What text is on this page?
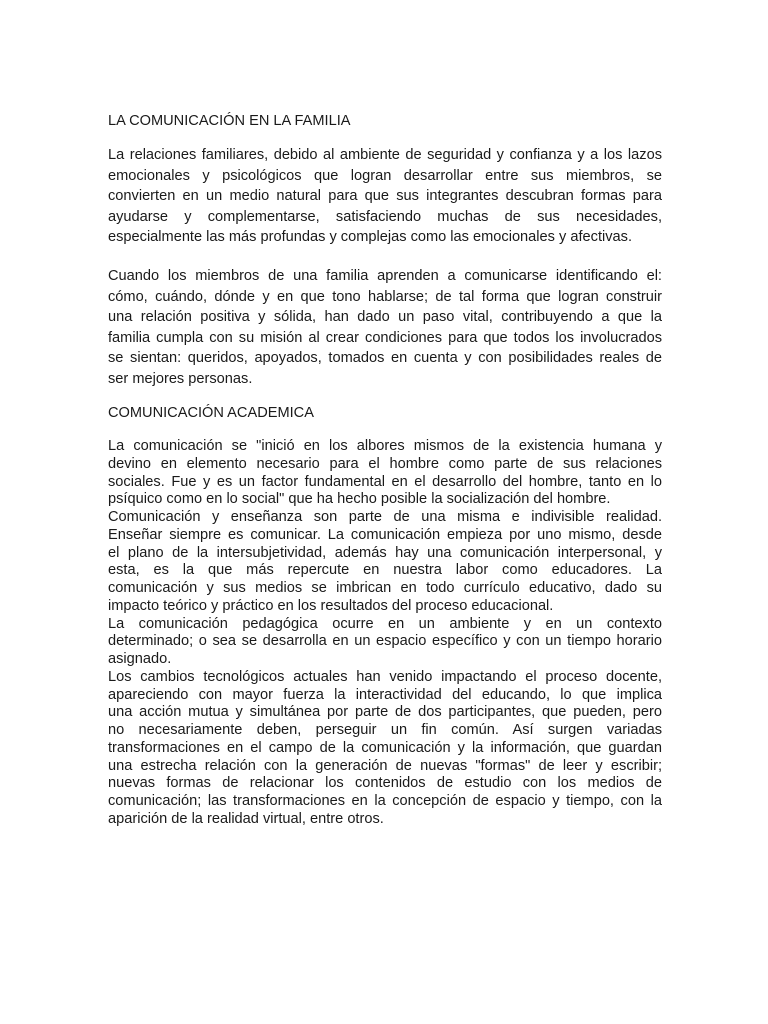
LA COMUNICACIÓN EN LA FAMILIA

La relaciones familiares, debido al ambiente de seguridad y confianza y a los lazos
emocionales y psicológicos que logran desarrollar entre sus miembros, se
convierten en un medio natural para que sus integrantes descubran formas para
ayudarse y complementarse, satisfaciendo muchas de sus necesidades,
especialmente las más profundas y complejas como las emocionales y afectivas.

Cuando los miembros de una familia aprenden a comunicarse identificando el:
cómo, cuándo, dónde y en que tono hablarse; de tal forma que logran construir
una relación positiva y sólida, han dado un paso vital, contribuyendo a que la
familia cumpla con su misión al crear condiciones para que todos los involucrados
se sientan: queridos, apoyados, tomados en cuenta y con posibilidades reales de
ser mejores personas.

COMUNICACIÓN ACADEMICA

La comunicación se "inició en los albores mismos de la existencia humana y
devino en elemento necesario para el hombre como parte de sus relaciones
sociales. Fue y es un factor fundamental en el desarrollo del hombre, tanto en lo
psíquico como en lo social" que ha hecho posible la socialización del hombre.

Comunicación y enseñanza son parte de una misma e indivisible realidad.
Enseñar siempre es comunicar. La comunicación empieza por uno mismo, desde
el plano de la intersubjetividad, además hay una comunicación interpersonal, y
esta, es la que más repercute en nuestra labor como educadores. La
comunicación y sus medios se imbrican en todo currículo educativo, dado su
impacto teórico y práctico en los resultados del proceso educacional.

La comunicación pedagógica ocurre en un ambiente y en un contexto
determinado; o sea se desarrolla en un espacio específico y con un tiempo horario
asignado.

Los cambios tecnológicos actuales han venido impactando el proceso docente,
apareciendo con mayor fuerza la interactividad del educando, lo que implica
una acción mutua y simultánea por parte de dos participantes, que pueden, pero
no necesariamente deben, perseguir un fin común. Así surgen variadas
transformaciones en el campo de la comunicación y la información, que guardan
una estrecha relación con la generación de nuevas "formas" de leer y escribir;
nuevas formas de relacionar los contenidos de estudio con los medios de
comunicación; las transformaciones en la concepción de espacio y tiempo, con la
aparición de la realidad virtual, entre otros.
